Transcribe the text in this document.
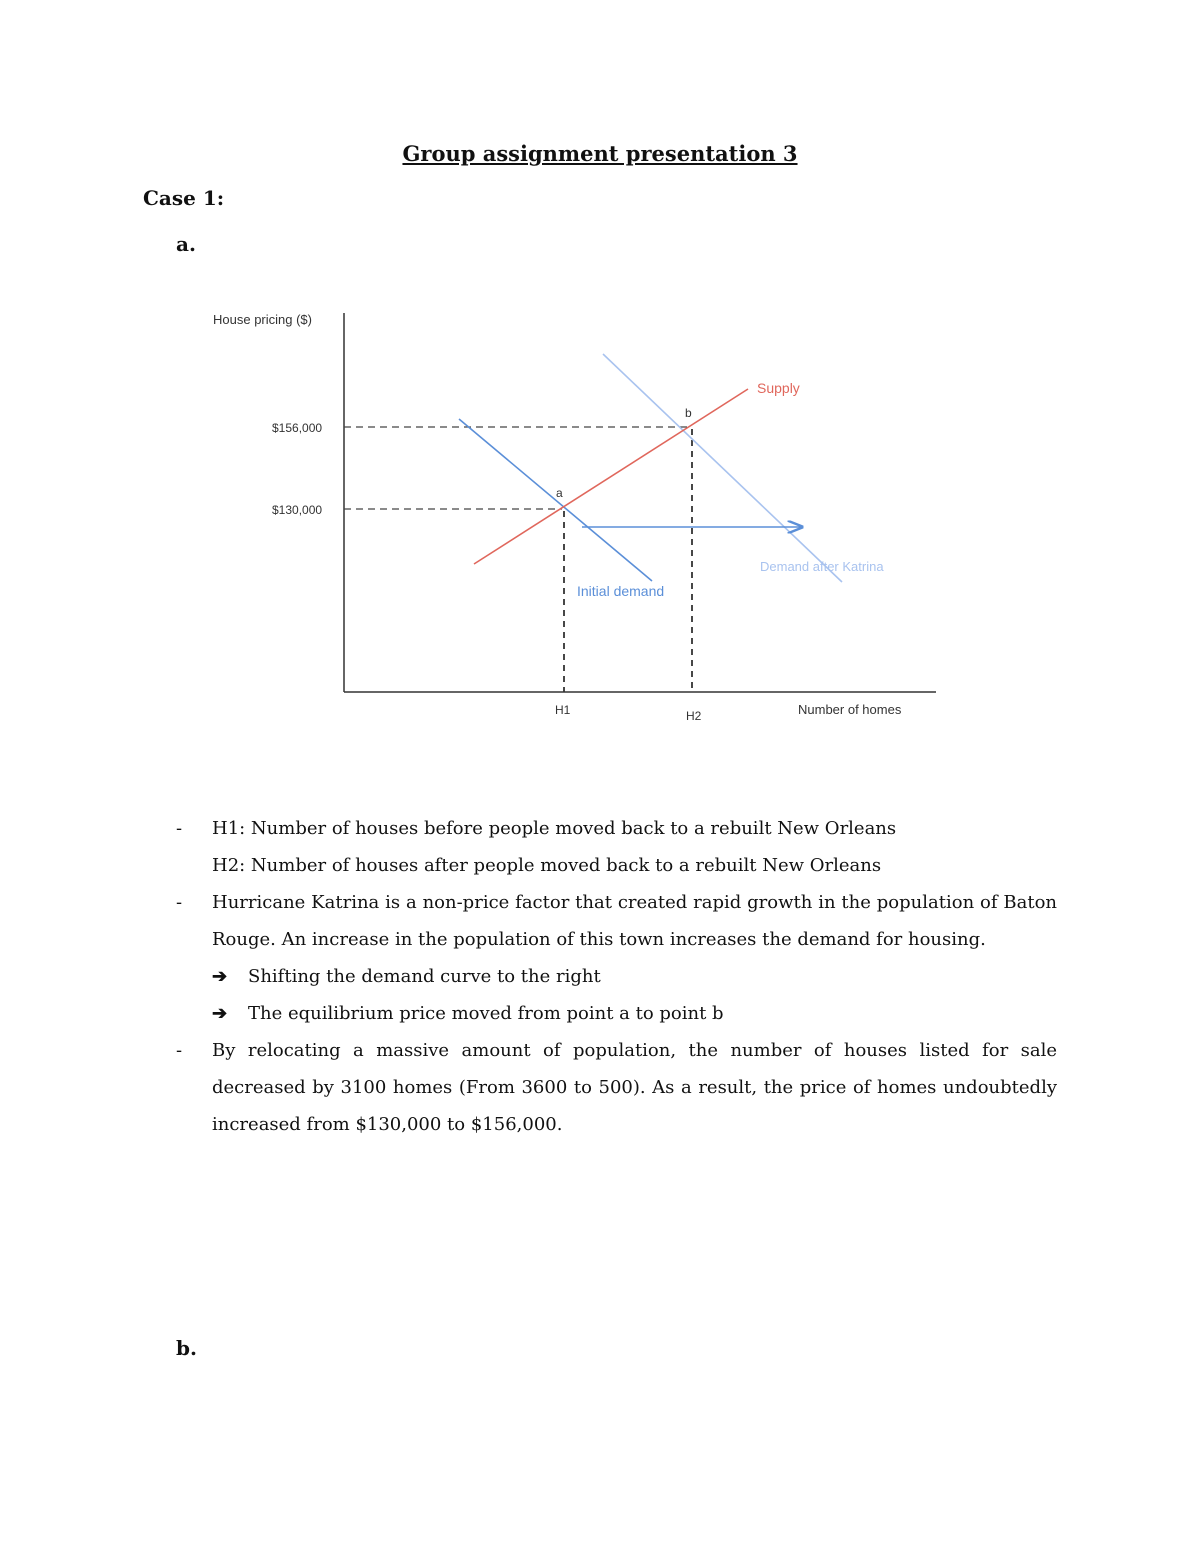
Group assignment presentation 3
Case 1:
a.
House pricing ($)
Number of homes
$156,000
$130,000
H1	H2
a
b
Supply
Initial demand
Demand after Katrina
- H1: Number of houses before people moved back to a rebuilt New Orleans
H2: Number of houses after people moved back to a rebuilt New Orleans
- Hurricane Katrina is a non-price factor that created rapid growth in the population of Baton Rouge. An increase in the population of this town increases the demand for housing.
➔ Shifting the demand curve to the right
➔ The equilibrium price moved from point a to point b
- By relocating a massive amount of population, the number of houses listed for sale decreased by 3100 homes (From 3600 to 500). As a result, the price of homes undoubtedly increased from $130,000 to $156,000.
b.
